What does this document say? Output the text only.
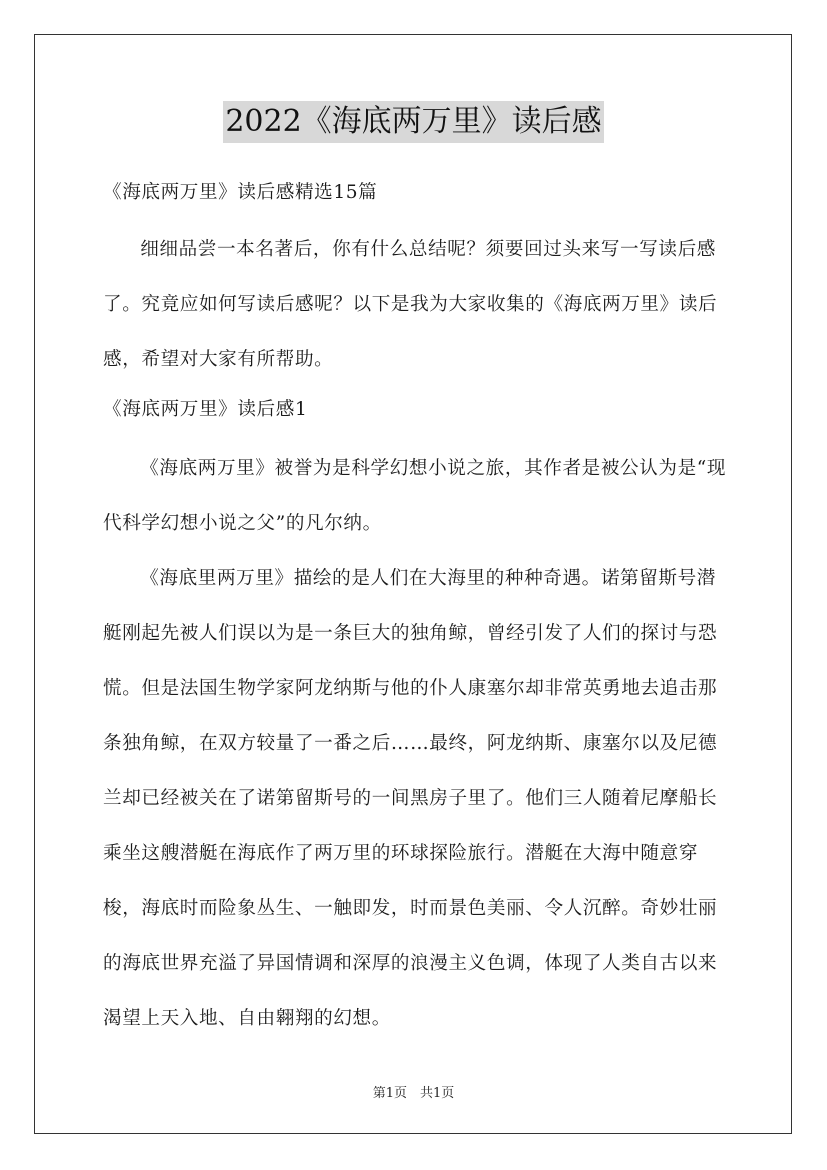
2022《海底两万里》读后感

《海底两万里》读后感精选15篇

细细品尝一本名著后，你有什么总结呢？须要回过头来写一写读后感了。究竟应如何写读后感呢？以下是我为大家收集的《海底两万里》读后感，希望对大家有所帮助。

《海底两万里》读后感1

《海底两万里》被誉为是科学幻想小说之旅，其作者是被公认为是“现代科学幻想小说之父”的凡尔纳。

《海底里两万里》描绘的是人们在大海里的种种奇遇。诺第留斯号潜艇刚起先被人们误以为是一条巨大的独角鲸，曾经引发了人们的探讨与恐慌。但是法国生物学家阿龙纳斯与他的仆人康塞尔却非常英勇地去追击那条独角鲸，在双方较量了一番之后……最终，阿龙纳斯、康塞尔以及尼德兰却已经被关在了诺第留斯号的一间黑房子里了。他们三人随着尼摩船长乘坐这艘潜艇在海底作了两万里的环球探险旅行。潜艇在大海中随意穿梭，海底时而险象丛生、一触即发，时而景色美丽、令人沉醉。奇妙壮丽的海底世界充溢了异国情调和深厚的浪漫主义色调，体现了人类自古以来渴望上天入地、自由翱翔的幻想。

第1页　共1页
